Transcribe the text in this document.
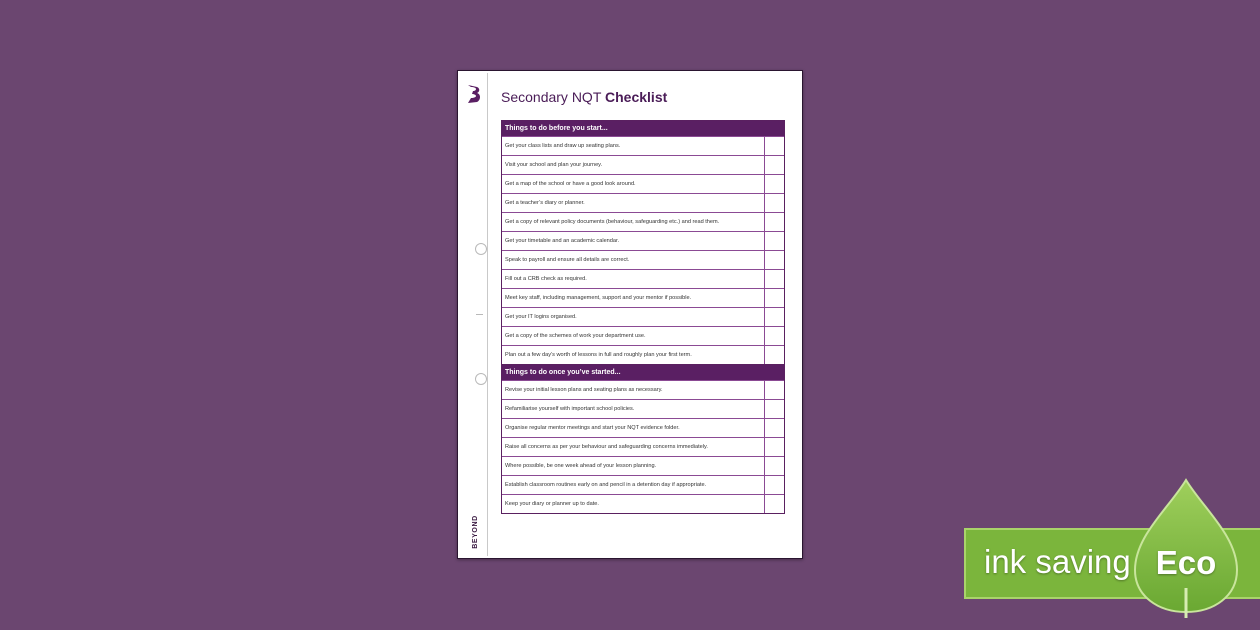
BEYOND
Secondary NQT Checklist
Things to do before you start...
Get your class lists and draw up seating plans.
Visit your school and plan your journey.
Get a map of the school or have a good look around.
Get a teacher’s diary or planner.
Get a copy of relevant policy documents (behaviour, safeguarding etc.) and read them.
Get your timetable and an academic calendar.
Speak to payroll and ensure all details are correct.
Fill out a CRB check as required.
Meet key staff, including management, support and your mentor if possible.
Get your IT logins organised.
Get a copy of the schemes of work your department use.
Plan out a few day’s worth of lessons in full and roughly plan your first term.
Things to do once you’ve started...
Revise your initial lesson plans and seating plans as necessary.
Refamiliarise yourself with important school policies.
Organise regular mentor meetings and start your NQT evidence folder.
Raise all concerns as per your behaviour and safeguarding concerns immediately.
Where possible, be one week ahead of your lesson planning.
Establish classroom routines early on and pencil in a detention day if appropriate.
Keep your diary or planner up to date.
ink saving Eco
